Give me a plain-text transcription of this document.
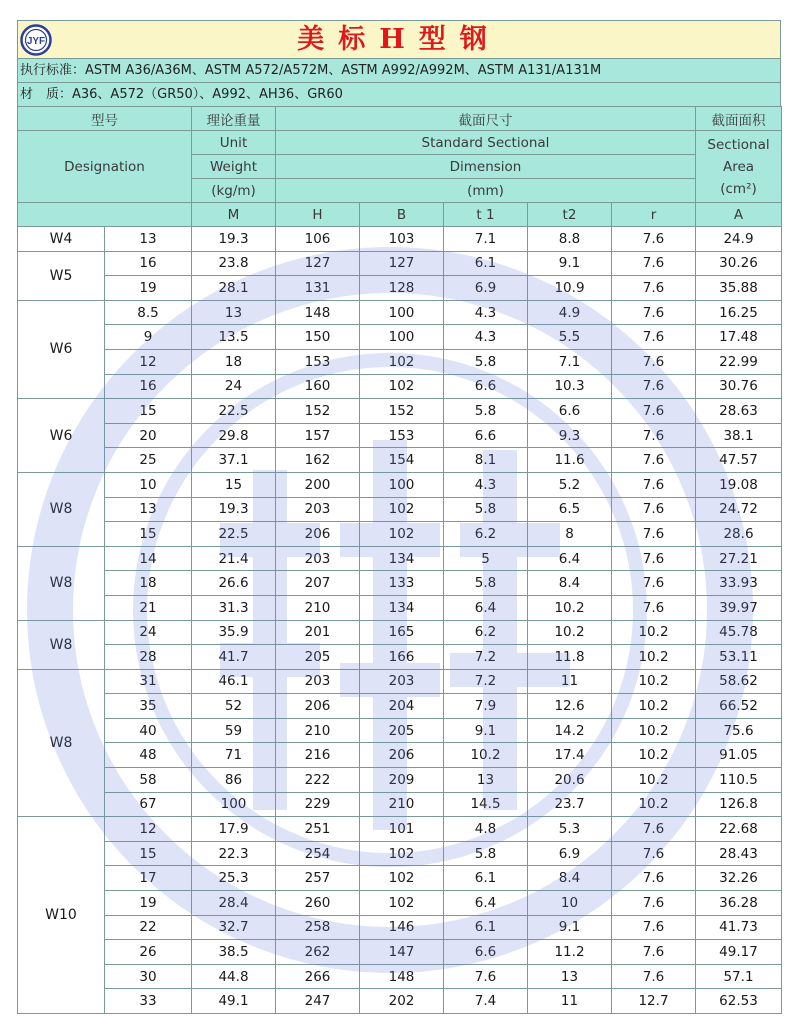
JYF	美标H型钢
执行标准：ASTM A36/A36M、ASTM A572/A572M、ASTM A992/A992M、ASTM A131/A131M
材　质：A36、A572（GR50）、A992、AH36、GR60
型号		理论重量	截面尺寸					截面面积
Designation		Unit	Standard Sectional					Sectional
Area
(cm²)

		Weight	Dimension					
		(kg/m)	(mm)					
		M	H	B	t 1	t2	r	A
W4	13	19.3	106	103	7.1	8.8	7.6	24.9
W5	16	23.8	127	127	6.1	9.1	7.6	30.26
	19	28.1	131	128	6.9	10.9	7.6	35.88
W6	8.5	13	148	100	4.3	4.9	7.6	16.25
	9	13.5	150	100	4.3	5.5	7.6	17.48
	12	18	153	102	5.8	7.1	7.6	22.99
	16	24	160	102	6.6	10.3	7.6	30.76
W6	15	22.5	152	152	5.8	6.6	7.6	28.63
	20	29.8	157	153	6.6	9.3	7.6	38.1
	25	37.1	162	154	8.1	11.6	7.6	47.57
W8	10	15	200	100	4.3	5.2	7.6	19.08
	13	19.3	203	102	5.8	6.5	7.6	24.72
	15	22.5	206	102	6.2	8	7.6	28.6
W8	14	21.4	203	134	5	6.4	7.6	27.21
	18	26.6	207	133	5.8	8.4	7.6	33.93
	21	31.3	210	134	6.4	10.2	7.6	39.97
W8	24	35.9	201	165	6.2	10.2	10.2	45.78
	28	41.7	205	166	7.2	11.8	10.2	53.11
W8	31	46.1	203	203	7.2	11	10.2	58.62
	35	52	206	204	7.9	12.6	10.2	66.52
	40	59	210	205	9.1	14.2	10.2	75.6
	48	71	216	206	10.2	17.4	10.2	91.05
	58	86	222	209	13	20.6	10.2	110.5
	67	100	229	210	14.5	23.7	10.2	126.8
W10	12	17.9	251	101	4.8	5.3	7.6	22.68
	15	22.3	254	102	5.8	6.9	7.6	28.43
	17	25.3	257	102	6.1	8.4	7.6	32.26
	19	28.4	260	102	6.4	10	7.6	36.28
	22	32.7	258	146	6.1	9.1	7.6	41.73
	26	38.5	262	147	6.6	11.2	7.6	49.17
	30	44.8	266	148	7.6	13	7.6	57.1
	33	49.1	247	202	7.4	11	12.7	62.53
